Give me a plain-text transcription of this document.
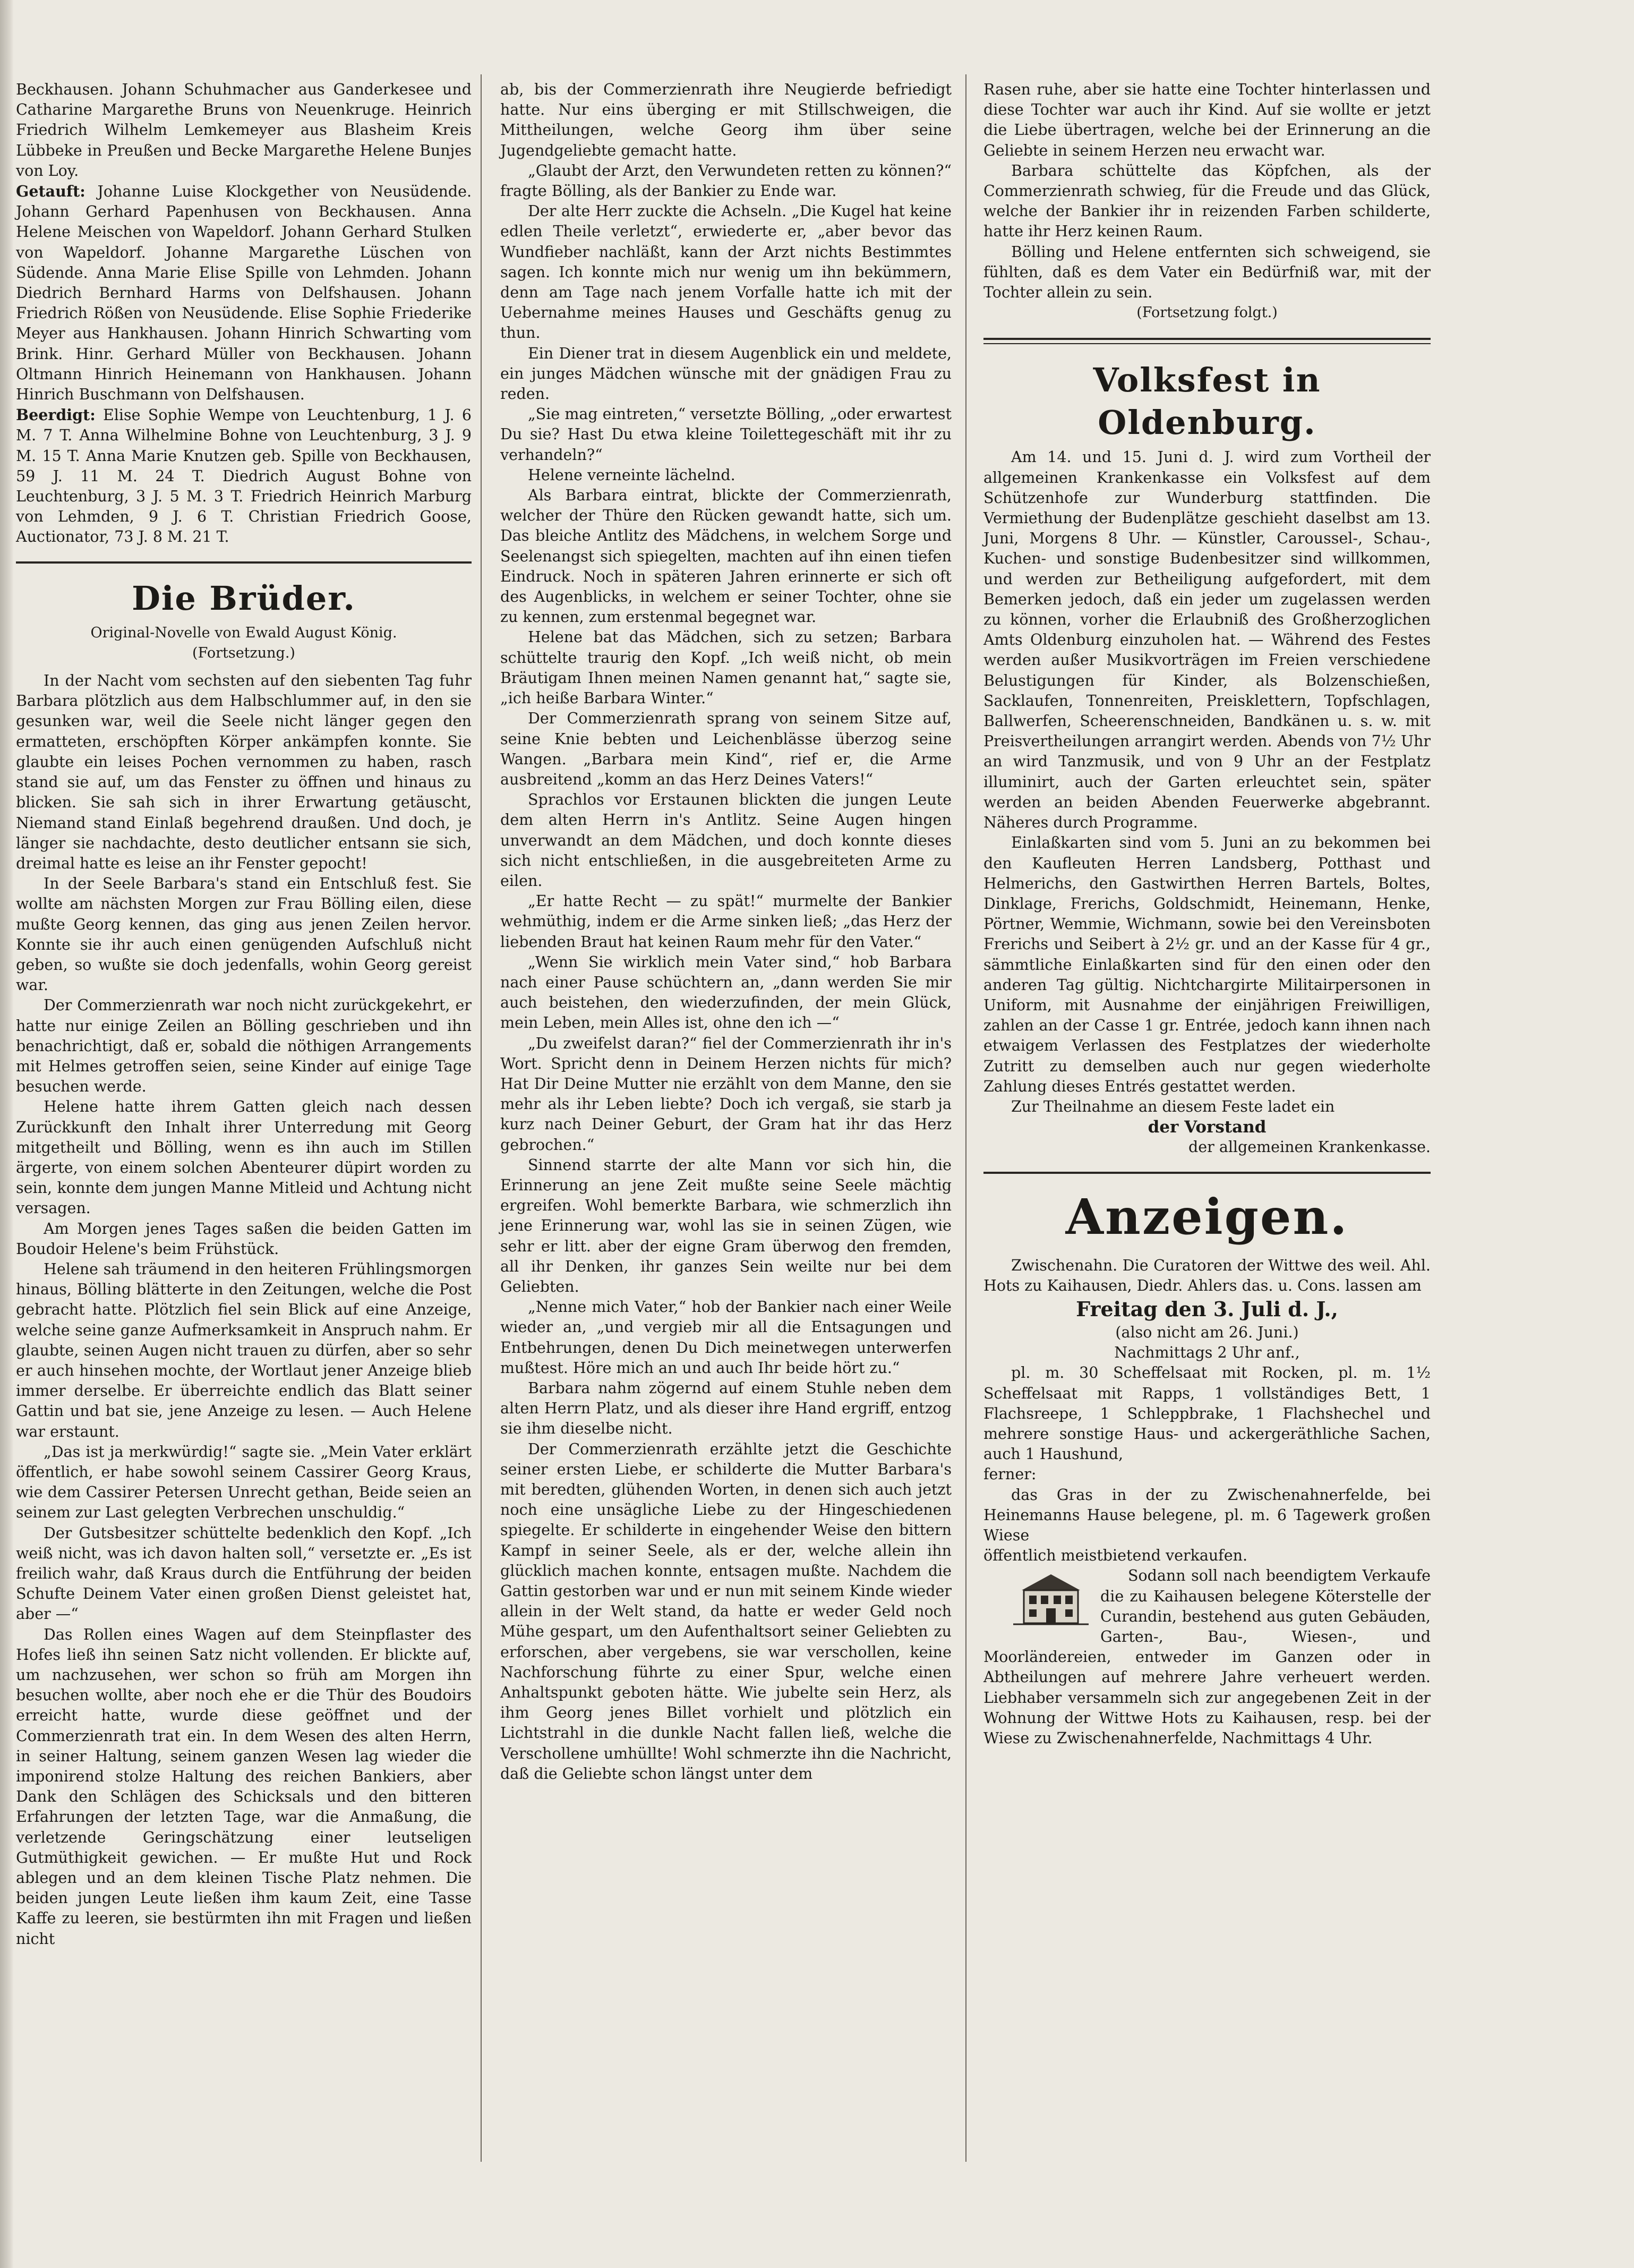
Beckhausen. Johann Schuhmacher aus Ganderkesee und Catharine Margarethe Bruns von Neuenkruge. Heinrich Friedrich Wilhelm Lemkemeyer aus Blasheim Kreis Lübbeke in Preußen und Becke Margarethe Helene Bunjes von Loy.

Getauft: Johanne Luise Klockgether von Neusüdende. Johann Gerhard Papenhusen von Beckhausen. Anna Helene Meischen von Wapeldorf. Johann Gerhard Stulken von Wapeldorf. Johanne Margarethe Lüschen von Südende. Anna Marie Elise Spille von Lehmden. Johann Diedrich Bernhard Harms von Delfshausen. Johann Friedrich Rößen von Neusüdende. Elise Sophie Friederike Meyer aus Hankhausen. Johann Hinrich Schwarting vom Brink. Hinr. Gerhard Müller von Beckhausen. Johann Oltmann Hinrich Heinemann von Hankhausen. Johann Hinrich Buschmann von Delfshausen.

Beerdigt: Elise Sophie Wempe von Leuchtenburg, 1 J. 6 M. 7 T. Anna Wilhelmine Bohne von Leuchtenburg, 3 J. 9 M. 15 T. Anna Marie Knutzen geb. Spille von Beckhausen, 59 J. 11 M. 24 T. Diedrich August Bohne von Leuchtenburg, 3 J. 5 M. 3 T. Friedrich Heinrich Marburg von Lehmden, 9 J. 6 T. Christian Friedrich Goose, Auctionator, 73 J. 8 M. 21 T.

Die Brüder.

Original-Novelle von Ewald August König.

(Fortsetzung.)

In der Nacht vom sechsten auf den siebenten Tag fuhr Barbara plötzlich aus dem Halbschlummer auf, in den sie gesunken war, weil die Seele nicht länger gegen den ermatteten, erschöpften Körper ankämpfen konnte. Sie glaubte ein leises Pochen vernommen zu haben, rasch stand sie auf, um das Fenster zu öffnen und hinaus zu blicken. Sie sah sich in ihrer Erwartung getäuscht, Niemand stand Einlaß begehrend draußen. Und doch, je länger sie nachdachte, desto deutlicher entsann sie sich, dreimal hatte es leise an ihr Fenster gepocht!

In der Seele Barbara's stand ein Entschluß fest. Sie wollte am nächsten Morgen zur Frau Bölling eilen, diese mußte Georg kennen, das ging aus jenen Zeilen hervor. Konnte sie ihr auch einen genügenden Aufschluß nicht geben, so wußte sie doch jedenfalls, wohin Georg gereist war.

Der Commerzienrath war noch nicht zurückgekehrt, er hatte nur einige Zeilen an Bölling geschrieben und ihn benachrichtigt, daß er, sobald die nöthigen Arrangements mit Helmes getroffen seien, seine Kinder auf einige Tage besuchen werde.

Helene hatte ihrem Gatten gleich nach dessen Zurückkunft den Inhalt ihrer Unterredung mit Georg mitgetheilt und Bölling, wenn es ihn auch im Stillen ärgerte, von einem solchen Abenteurer düpirt worden zu sein, konnte dem jungen Manne Mitleid und Achtung nicht versagen.

Am Morgen jenes Tages saßen die beiden Gatten im Boudoir Helene's beim Frühstück.

Helene sah träumend in den heiteren Frühlingsmorgen hinaus, Bölling blätterte in den Zeitungen, welche die Post gebracht hatte. Plötzlich fiel sein Blick auf eine Anzeige, welche seine ganze Aufmerksamkeit in Anspruch nahm. Er glaubte, seinen Augen nicht trauen zu dürfen, aber so sehr er auch hinsehen mochte, der Wortlaut jener Anzeige blieb immer derselbe. Er überreichte endlich das Blatt seiner Gattin und bat sie, jene Anzeige zu lesen. — Auch Helene war erstaunt.

„Das ist ja merkwürdig!“ sagte sie. „Mein Vater erklärt öffentlich, er habe sowohl seinem Cassirer Georg Kraus, wie dem Cassirer Petersen Unrecht gethan, Beide seien an seinem zur Last gelegten Verbrechen unschuldig.“

Der Gutsbesitzer schüttelte bedenklich den Kopf. „Ich weiß nicht, was ich davon halten soll,“ versetzte er. „Es ist freilich wahr, daß Kraus durch die Entführung der beiden Schufte Deinem Vater einen großen Dienst geleistet hat, aber —“

Das Rollen eines Wagen auf dem Steinpflaster des Hofes ließ ihn seinen Satz nicht vollenden. Er blickte auf, um nachzusehen, wer schon so früh am Morgen ihn besuchen wollte, aber noch ehe er die Thür des Boudoirs erreicht hatte, wurde diese geöffnet und der Commerzienrath trat ein. In dem Wesen des alten Herrn, in seiner Haltung, seinem ganzen Wesen lag wieder die imponirend stolze Haltung des reichen Bankiers, aber Dank den Schlägen des Schicksals und den bitteren Erfahrungen der letzten Tage, war die Anmaßung, die verletzende Geringschätzung einer leutseligen Gutmüthigkeit gewichen. — Er mußte Hut und Rock ablegen und an dem kleinen Tische Platz nehmen. Die beiden jungen Leute ließen ihm kaum Zeit, eine Tasse Kaffe zu leeren, sie bestürmten ihn mit Fragen und ließen nicht

ab, bis der Commerzienrath ihre Neugierde befriedigt hatte. Nur eins überging er mit Stillschweigen, die Mittheilungen, welche Georg ihm über seine Jugendgeliebte gemacht hatte.

„Glaubt der Arzt, den Verwundeten retten zu können?“ fragte Bölling, als der Bankier zu Ende war.

Der alte Herr zuckte die Achseln. „Die Kugel hat keine edlen Theile verletzt“, erwiederte er, „aber bevor das Wundfieber nachläßt, kann der Arzt nichts Bestimmtes sagen. Ich konnte mich nur wenig um ihn bekümmern, denn am Tage nach jenem Vorfalle hatte ich mit der Uebernahme meines Hauses und Geschäfts genug zu thun.

Ein Diener trat in diesem Augenblick ein und meldete, ein junges Mädchen wünsche mit der gnädigen Frau zu reden.

„Sie mag eintreten,“ versetzte Bölling, „oder erwartest Du sie? Hast Du etwa kleine Toilettegeschäft mit ihr zu verhandeln?“

Helene verneinte lächelnd.

Als Barbara eintrat, blickte der Commerzienrath, welcher der Thüre den Rücken gewandt hatte, sich um. Das bleiche Antlitz des Mädchens, in welchem Sorge und Seelenangst sich spiegelten, machten auf ihn einen tiefen Eindruck. Noch in späteren Jahren erinnerte er sich oft des Augenblicks, in welchem er seiner Tochter, ohne sie zu kennen, zum erstenmal begegnet war.

Helene bat das Mädchen, sich zu setzen; Barbara schüttelte traurig den Kopf. „Ich weiß nicht, ob mein Bräutigam Ihnen meinen Namen genannt hat,“ sagte sie, „ich heiße Barbara Winter.“

Der Commerzienrath sprang von seinem Sitze auf, seine Knie bebten und Leichenblässe überzog seine Wangen. „Barbara mein Kind“, rief er, die Arme ausbreitend „komm an das Herz Deines Vaters!“

Sprachlos vor Erstaunen blickten die jungen Leute dem alten Herrn in's Antlitz. Seine Augen hingen unverwandt an dem Mädchen, und doch konnte dieses sich nicht entschließen, in die ausgebreiteten Arme zu eilen.

„Er hatte Recht — zu spät!“ murmelte der Bankier wehmüthig, indem er die Arme sinken ließ; „das Herz der liebenden Braut hat keinen Raum mehr für den Vater.“

„Wenn Sie wirklich mein Vater sind,“ hob Barbara nach einer Pause schüchtern an, „dann werden Sie mir auch beistehen, den wiederzufinden, der mein Glück, mein Leben, mein Alles ist, ohne den ich —“

„Du zweifelst daran?“ fiel der Commerzienrath ihr in's Wort. Spricht denn in Deinem Herzen nichts für mich? Hat Dir Deine Mutter nie erzählt von dem Manne, den sie mehr als ihr Leben liebte? Doch ich vergaß, sie starb ja kurz nach Deiner Geburt, der Gram hat ihr das Herz gebrochen.“

Sinnend starrte der alte Mann vor sich hin, die Erinnerung an jene Zeit mußte seine Seele mächtig ergreifen. Wohl bemerkte Barbara, wie schmerzlich ihn jene Erinnerung war, wohl las sie in seinen Zügen, wie sehr er litt. aber der eigne Gram überwog den fremden, all ihr Denken, ihr ganzes Sein weilte nur bei dem Geliebten.

„Nenne mich Vater,“ hob der Bankier nach einer Weile wieder an, „und vergieb mir all die Entsagungen und Entbehrungen, denen Du Dich meinetwegen unterwerfen mußtest. Höre mich an und auch Ihr beide hört zu.“

Barbara nahm zögernd auf einem Stuhle neben dem alten Herrn Platz, und als dieser ihre Hand ergriff, entzog sie ihm dieselbe nicht.

Der Commerzienrath erzählte jetzt die Geschichte seiner ersten Liebe, er schilderte die Mutter Barbara's mit beredten, glühenden Worten, in denen sich auch jetzt noch eine unsägliche Liebe zu der Hingeschiedenen spiegelte. Er schilderte in eingehender Weise den bittern Kampf in seiner Seele, als er der, welche allein ihn glücklich machen konnte, entsagen mußte. Nachdem die Gattin gestorben war und er nun mit seinem Kinde wieder allein in der Welt stand, da hatte er weder Geld noch Mühe gespart, um den Aufenthaltsort seiner Geliebten zu erforschen, aber vergebens, sie war verschollen, keine Nachforschung führte zu einer Spur, welche einen Anhaltspunkt geboten hätte. Wie jubelte sein Herz, als ihm Georg jenes Billet vorhielt und plötzlich ein Lichtstrahl in die dunkle Nacht fallen ließ, welche die Verschollene umhüllte! Wohl schmerzte ihn die Nachricht, daß die Geliebte schon längst unter dem

Rasen ruhe, aber sie hatte eine Tochter hinterlassen und diese Tochter war auch ihr Kind. Auf sie wollte er jetzt die Liebe übertragen, welche bei der Erinnerung an die Geliebte in seinem Herzen neu erwacht war.

Barbara schüttelte das Köpfchen, als der Commerzienrath schwieg, für die Freude und das Glück, welche der Bankier ihr in reizenden Farben schilderte, hatte ihr Herz keinen Raum.

Bölling und Helene entfernten sich schweigend, sie fühlten, daß es dem Vater ein Bedürfniß war, mit der Tochter allein zu sein.

(Fortsetzung folgt.)

Volksfest in Oldenburg.

Am 14. und 15. Juni d. J. wird zum Vortheil der allgemeinen Krankenkasse ein Volksfest auf dem Schützenhofe zur Wunderburg stattfinden. Die Vermiethung der Budenplätze geschieht daselbst am 13. Juni, Morgens 8 Uhr. — Künstler, Caroussel-, Schau-, Kuchen- und sonstige Budenbesitzer sind willkommen, und werden zur Betheiligung aufgefordert, mit dem Bemerken jedoch, daß ein jeder um zugelassen werden zu können, vorher die Erlaubniß des Großherzoglichen Amts Oldenburg einzuholen hat. — Während des Festes werden außer Musikvorträgen im Freien verschiedene Belustigungen für Kinder, als Bolzenschießen, Sacklaufen, Tonnenreiten, Preisklettern, Topfschlagen, Ballwerfen, Scheerenschneiden, Bandkänen u. s. w. mit Preisvertheilungen arrangirt werden. Abends von 7½ Uhr an wird Tanzmusik, und von 9 Uhr an der Festplatz illuminirt, auch der Garten erleuchtet sein, später werden an beiden Abenden Feuerwerke abgebrannt. Näheres durch Programme.

Einlaßkarten sind vom 5. Juni an zu bekommen bei den Kaufleuten Herren Landsberg, Potthast und Helmerichs, den Gastwirthen Herren Bartels, Boltes, Dinklage, Frerichs, Goldschmidt, Heinemann, Henke, Pörtner, Wemmie, Wichmann, sowie bei den Vereinsboten Frerichs und Seibert à 2½ gr. und an der Kasse für 4 gr., sämmtliche Einlaßkarten sind für den einen oder den anderen Tag gültig. Nichtchargirte Militairpersonen in Uniform, mit Ausnahme der einjährigen Freiwilligen, zahlen an der Casse 1 gr. Entrée, jedoch kann ihnen nach etwaigem Verlassen des Festplatzes der wiederholte Zutritt zu demselben auch nur gegen wiederholte Zahlung dieses Entrés gestattet werden.

Zur Theilnahme an diesem Feste ladet ein

der Vorstand

der allgemeinen Krankenkasse.

Anzeigen.

Zwischenahn. Die Curatoren der Wittwe des weil. Ahl. Hots zu Kaihausen, Diedr. Ahlers das. u. Cons. lassen am

Freitag den 3. Juli d. J.,

(also nicht am 26. Juni.)

Nachmittags 2 Uhr anf.,

pl. m. 30 Scheffelsaat mit Rocken, pl. m. 1½ Scheffelsaat mit Rapps, 1 vollständiges Bett, 1 Flachsreepe, 1 Schleppbrake, 1 Flachshechel und mehrere sonstige Haus- und ackergeräthliche Sachen, auch 1 Haushund,

ferner:

das Gras in der zu Zwischenahnerfelde, bei Heinemanns Hause belegene, pl. m. 6 Tagewerk großen Wiese

öffentlich meistbietend verkaufen.

Sodann soll nach beendigtem Verkaufe die zu Kaihausen belegene Köterstelle der Curandin, bestehend aus guten Gebäuden, Garten-, Bau-, Wiesen-, und Moorländereien, entweder im Ganzen oder in Abtheilungen auf mehrere Jahre verheuert werden. Liebhaber versammeln sich zur angegebenen Zeit in der Wohnung der Wittwe Hots zu Kaihausen, resp. bei der Wiese zu Zwischenahnerfelde, Nachmittags 4 Uhr.
